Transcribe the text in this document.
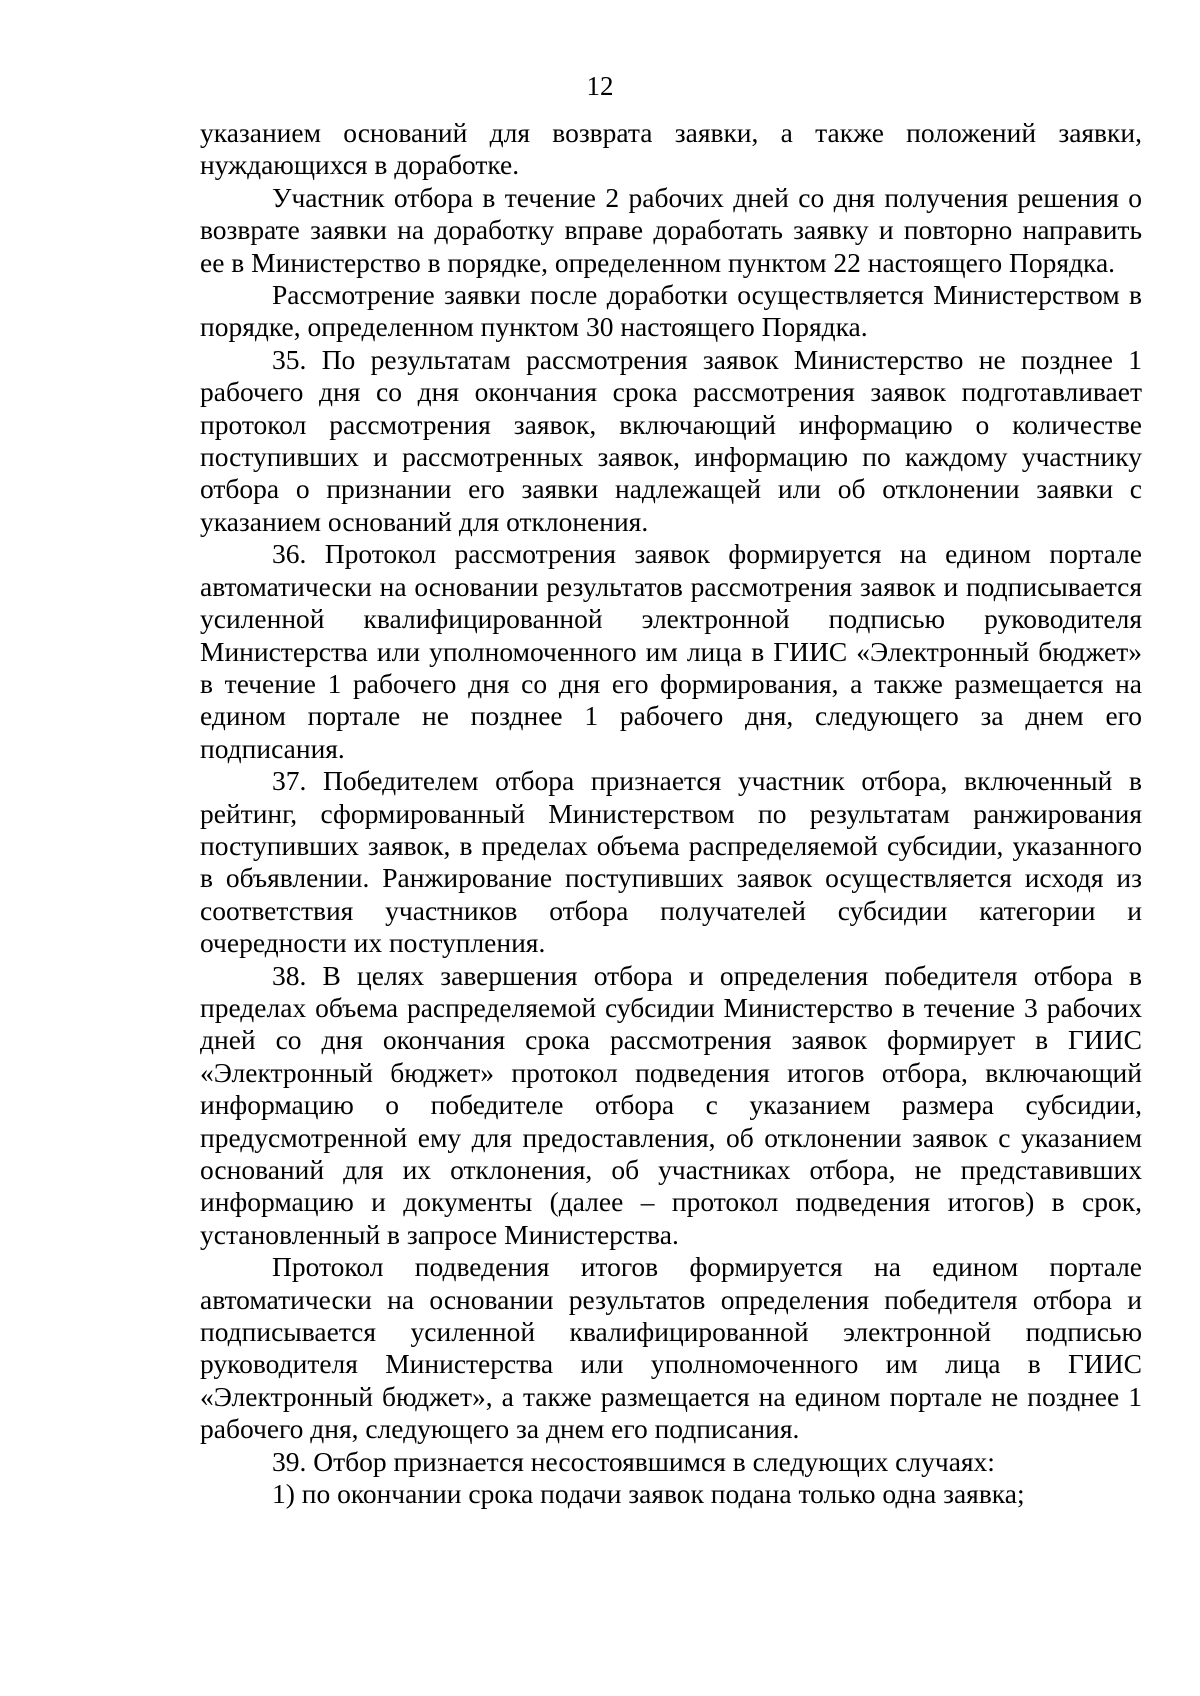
12

указанием оснований для возврата заявки, а также положений заявки, нуждающихся в доработке.

Участник отбора в течение 2 рабочих дней со дня получения решения о возврате заявки на доработку вправе доработать заявку и повторно направить ее в Министерство в порядке, определенном пунктом 22 настоящего Порядка.

Рассмотрение заявки после доработки осуществляется Министерством в порядке, определенном пунктом 30 настоящего Порядка.

35. По результатам рассмотрения заявок Министерство не позднее 1 рабочего дня со дня окончания срока рассмотрения заявок подготавливает протокол рассмотрения заявок, включающий информацию о количестве поступивших и рассмотренных заявок, информацию по каждому участнику отбора о признании его заявки надлежащей или об отклонении заявки с указанием оснований для отклонения.

36. Протокол рассмотрения заявок формируется на едином портале автоматически на основании результатов рассмотрения заявок и подписывается усиленной квалифицированной электронной подписью руководителя Министерства или уполномоченного им лица в ГИИС «Электронный бюджет» в течение 1 рабочего дня со дня его формирования, а также размещается на едином портале не позднее 1 рабочего дня, следующего за днем его подписания.

37. Победителем отбора признается участник отбора, включенный в рейтинг, сформированный Министерством по результатам ранжирования поступивших заявок, в пределах объема распределяемой субсидии, указанного в объявлении. Ранжирование поступивших заявок осуществляется исходя из соответствия участников отбора получателей субсидии категории и очередности их поступления.

38. В целях завершения отбора и определения победителя отбора в пределах объема распределяемой субсидии Министерство в течение 3 рабочих дней со дня окончания срока рассмотрения заявок формирует в ГИИС «Электронный бюджет» протокол подведения итогов отбора, включающий информацию о победителе отбора с указанием размера субсидии, предусмотренной ему для предоставления, об отклонении заявок с указанием оснований для их отклонения, об участниках отбора, не представивших информацию и документы (далее – протокол подведения итогов) в срок, установленный в запросе Министерства.

Протокол подведения итогов формируется на едином портале автоматически на основании результатов определения победителя отбора и подписывается усиленной квалифицированной электронной подписью руководителя Министерства или уполномоченного им лица в ГИИС «Электронный бюджет», а также размещается на едином портале не позднее 1 рабочего дня, следующего за днем его подписания.

39. Отбор признается несостоявшимся в следующих случаях:

1) по окончании срока подачи заявок подана только одна заявка;
